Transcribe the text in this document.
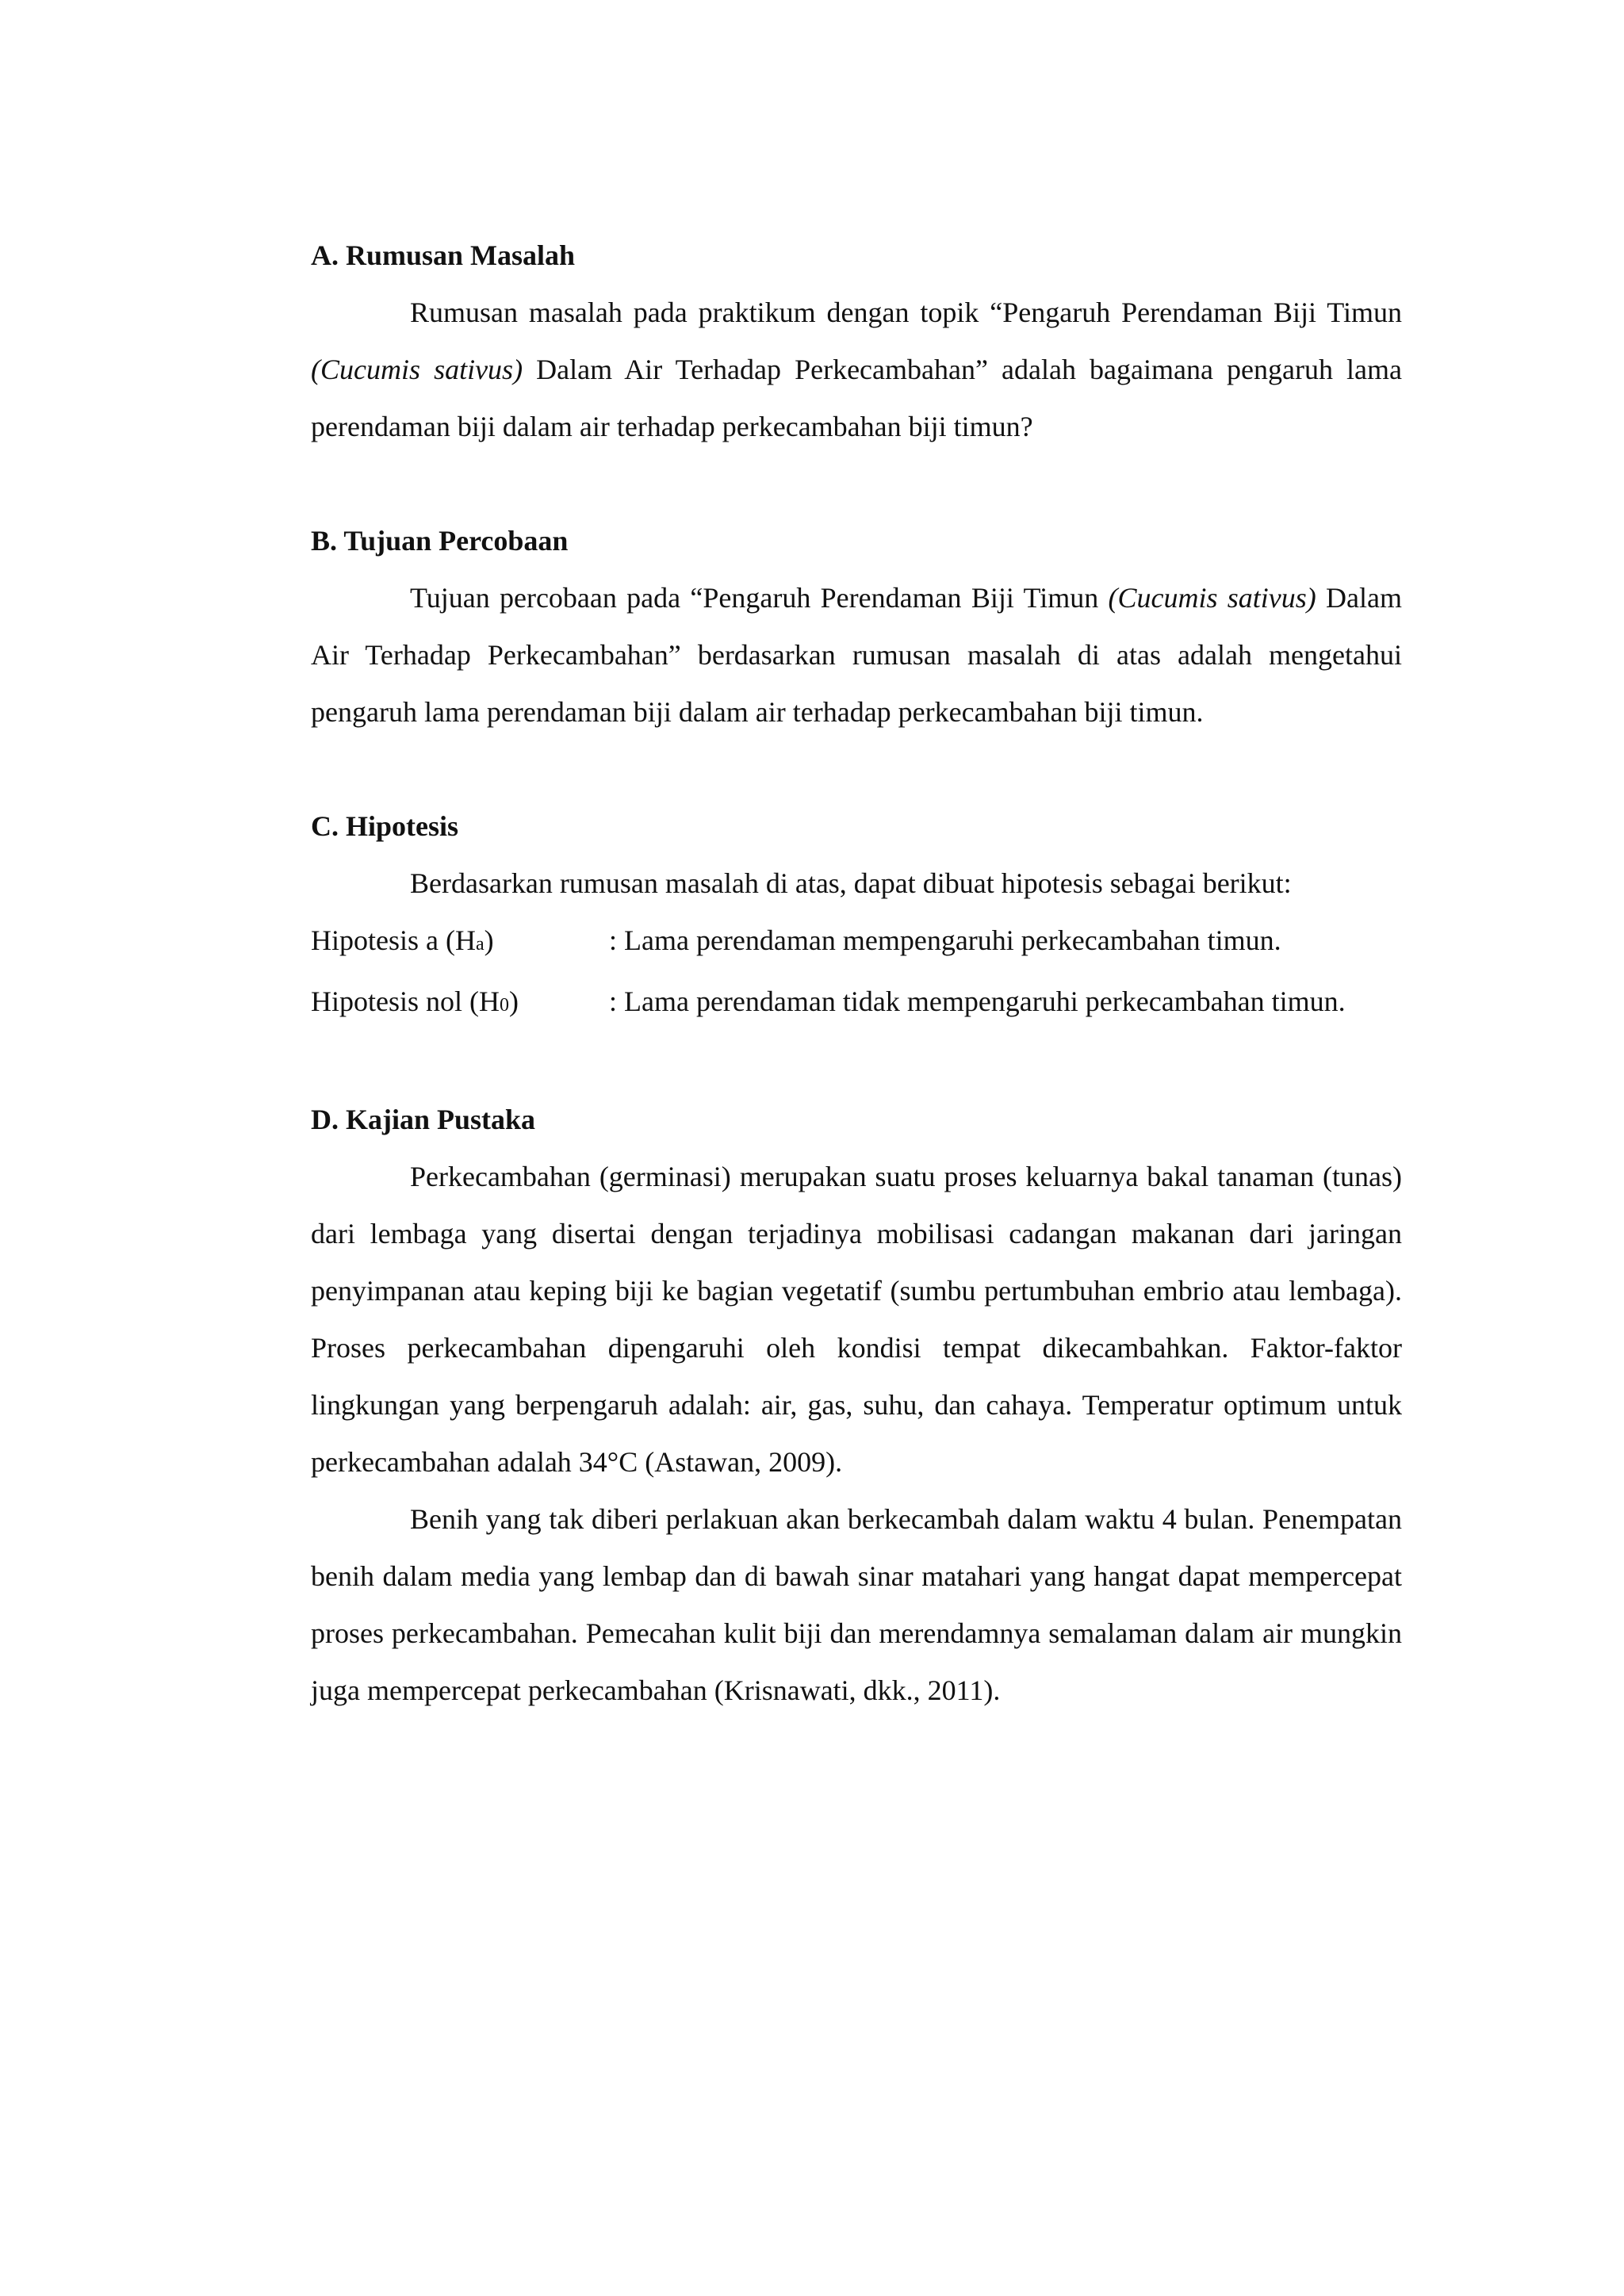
A. Rumusan Masalah

Rumusan masalah pada praktikum dengan topik “Pengaruh Perendaman Biji Timun (Cucumis sativus) Dalam Air Terhadap Perkecambahan” adalah bagaimana pengaruh lama perendaman biji dalam air terhadap perkecambahan biji timun?

B. Tujuan Percobaan

Tujuan percobaan pada “Pengaruh Perendaman Biji Timun (Cucumis sativus) Dalam Air Terhadap Perkecambahan” berdasarkan rumusan masalah di atas adalah mengetahui pengaruh lama perendaman biji dalam air terhadap perkecambahan biji timun.

C. Hipotesis

Berdasarkan rumusan masalah di atas, dapat dibuat hipotesis sebagai berikut:

Hipotesis a (Ha)	: Lama perendaman mempengaruhi perkecambahan timun.
Hipotesis nol (H0)	: Lama perendaman tidak mempengaruhi perkecambahan timun.
D. Kajian Pustaka

Perkecambahan (germinasi) merupakan suatu proses keluarnya bakal tanaman (tunas) dari lembaga yang disertai dengan terjadinya mobilisasi cadangan makanan dari jaringan penyimpanan atau keping biji ke bagian vegetatif (sumbu pertumbuhan embrio atau lembaga). Proses perkecambahan dipengaruhi oleh kondisi tempat dikecambahkan. Faktor-faktor lingkungan yang berpengaruh adalah: air, gas, suhu, dan cahaya. Temperatur optimum untuk perkecambahan adalah 34°C (Astawan, 2009).

Benih yang tak diberi perlakuan akan berkecambah dalam waktu 4 bulan. Penempatan benih dalam media yang lembap dan di bawah sinar matahari yang hangat dapat mempercepat proses perkecambahan. Pemecahan kulit biji dan merendamnya semalaman dalam air mungkin juga mempercepat perkecambahan (Krisnawati, dkk., 2011).
